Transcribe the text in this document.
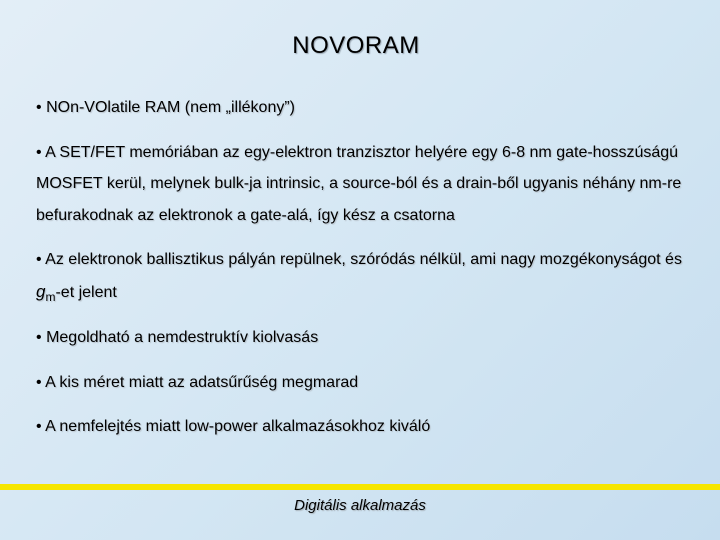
NOVORAM
• NOn-VOlatile RAM (nem „illékony”)
• A SET/FET memóriában az egy-elektron tranzisztor helyére egy 6-8 nm gate-hosszúságú MOSFET kerül, melynek bulk-ja intrinsic, a source-ból és a drain-ből ugyanis néhány nm-re befurakodnak az elektronok a gate-alá, így kész a csatorna
• Az elektronok ballisztikus pályán repülnek, szóródás nélkül, ami nagy mozgékonyságot és $g_m-et$ jelent
• Megoldható a nemdestruktív kiolvasás
• A kis méret miatt az adatsűrűség megmarad
• A nemfelejtés miatt low-power alkalmazásokhoz kiváló
Digitális alkalmazás
